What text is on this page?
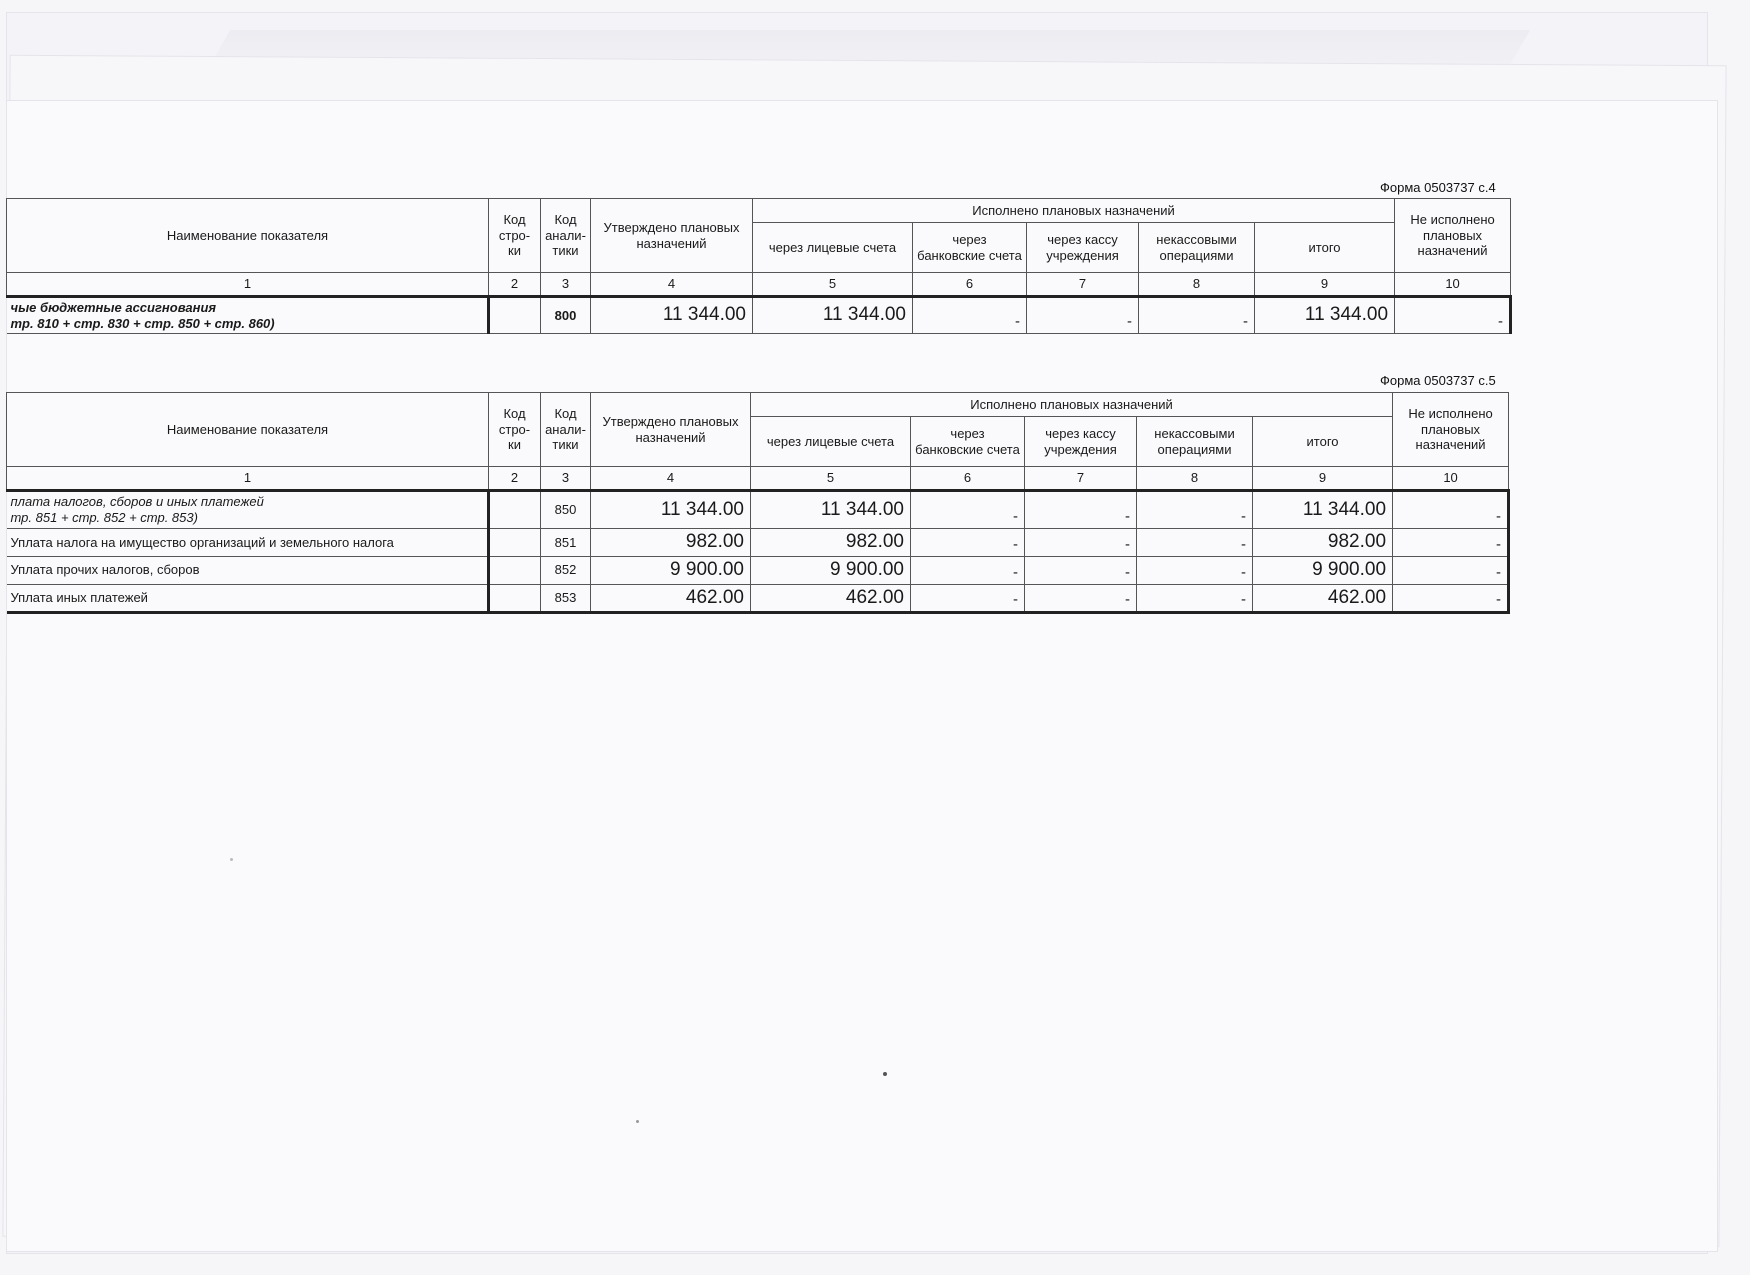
Форма 0503737 с.4
Наименование показателя	Код стро-ки	Код анали-тики	Утверждено плановых назначений	Исполнено плановых назначений					Не исполнено плановых назначений
				через лицевые счета	через банковские счета	через кассу учреждения	некассовыми операциями	итого	
1	2	3	4	5	6	7	8	9	10
чые бюджетные ассигнования
тр. 810 + стр. 830 + стр. 850 + стр. 860)		800	11 344.00	11 344.00	-	-	-	11 344.00	-
Форма 0503737 с.5
Наименование показателя	Код стро-ки	Код анали-тики	Утверждено плановых назначений	Исполнено плановых назначений					Не исполнено плановых назначений
				через лицевые счета	через банковские счета	через кассу учреждения	некассовыми операциями	итого	
1	2	3	4	5	6	7	8	9	10
плата налогов, сборов и иных платежей
тр. 851 + стр. 852 + стр. 853)		850	11 344.00	11 344.00	-	-	-	11 344.00	-
Уплата налога на имущество организаций и земельного налога		851	982.00	982.00	-	-	-	982.00	-
Уплата прочих налогов, сборов		852	9 900.00	9 900.00	-	-	-	9 900.00	-
Уплата иных платежей		853	462.00	462.00	-	-	-	462.00	-
